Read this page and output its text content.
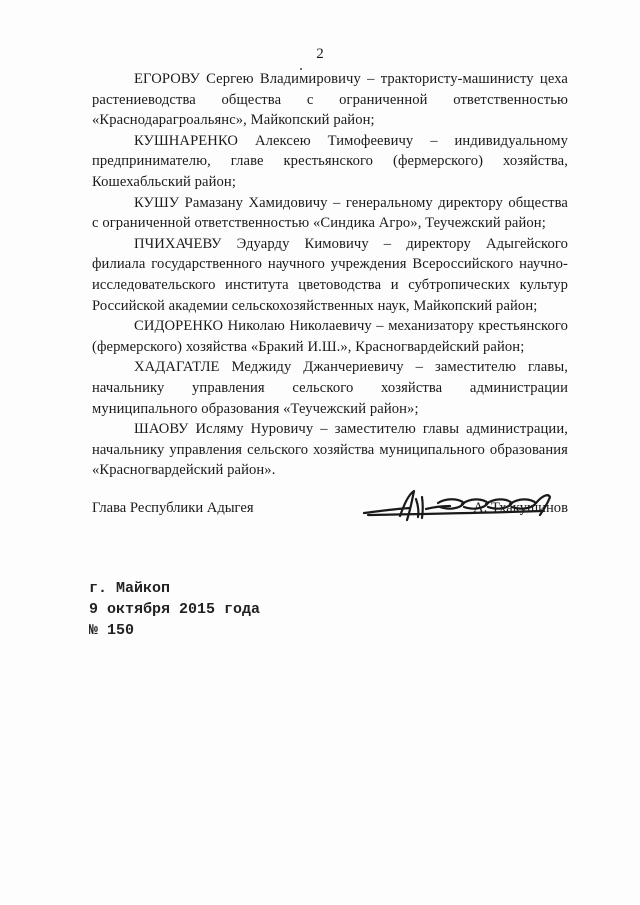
2

ЕГОРОВУ Сергею Владимировичу – трактористу-машинисту цеха растениеводства общества с ограниченной ответственностью «Краснодарагроальянс», Майкопский район;

КУШНАРЕНКО Алексею Тимофеевичу – индивидуальному предпринимателю, главе крестьянского (фермерского) хозяйства, Кошехабльский район;

КУШУ Рамазану Хамидовичу – генеральному директору общества с ограниченной ответственностью «Синдика Агро», Теучежский район;

ПЧИХАЧЕВУ Эдуарду Кимовичу – директору Адыгейского филиала государственного научного учреждения Всероссийского научно-исследовательского института цветоводства и субтропических культур Российской академии сельскохозяйственных наук, Майкопский район;

СИДОРЕНКО Николаю Николаевичу – механизатору крестьянского (фермерского) хозяйства «Бракий И.Ш.», Красногвардейский район;

ХАДАГАТЛЕ Меджиду Джанчериевичу – заместителю главы, начальнику управления сельского хозяйства администрации муниципального образования «Теучежский район»;

ШАОВУ Исляму Нуровичу – заместителю главы администрации, начальнику управления сельского хозяйства муниципального образования «Красногвардейский район».

Глава Республики Адыгея	А. Тхакушинов
г. Майкоп
9 октября 2015 года
№ 150
